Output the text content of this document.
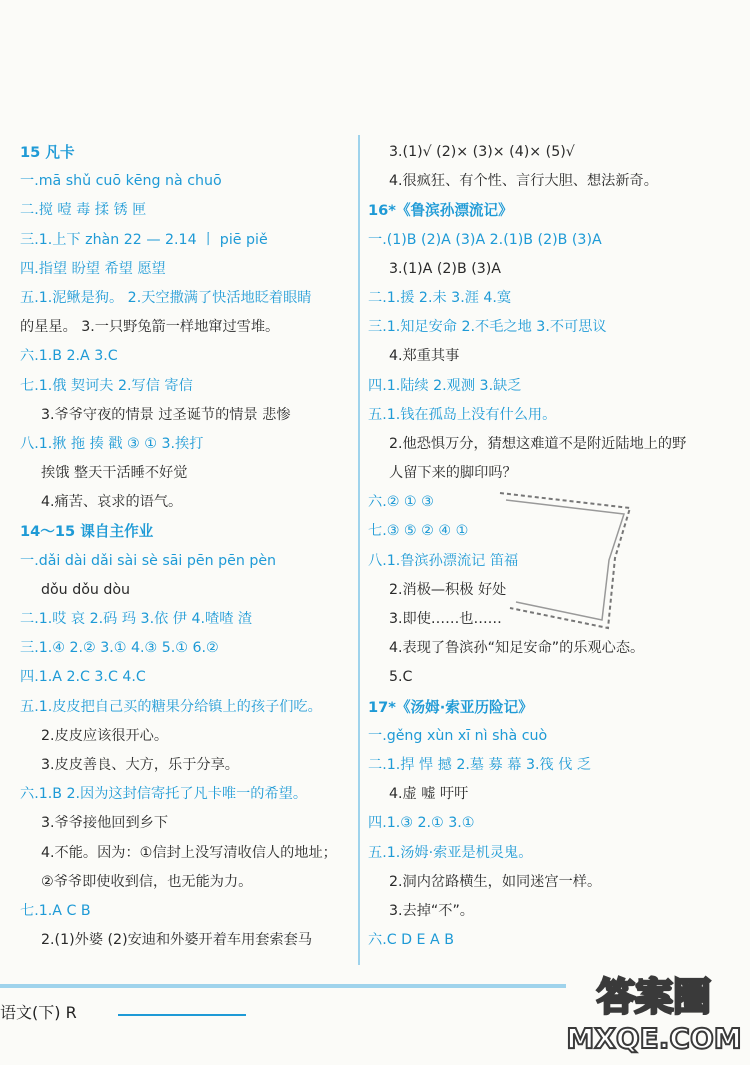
15 凡卡
一.mā shǔ cuō kēng nà chuō
二.搅 噎 毒 揉 锈 匣
三.1.上下 zhàn 22 — 2.14 丨 piē piě
四.指望 盼望 希望 愿望
五.1.泥鳅是狗。 2.天空撒满了快活地眨着眼睛
的星星。 3.一只野兔箭一样地窜过雪堆。
六.1.B 2.A 3.C
七.1.俄 契诃夫 2.写信 寄信
3.爷爷守夜的情景 过圣诞节的情景 悲惨
八.1.揪 拖 揍 戳 ③ ① 3.挨打
挨饿 整天干活睡不好觉
4.痛苦、哀求的语气。
14～15 课自主作业
一.dǎi dài dǎi sài sè sāi pēn pēn pèn
dǒu dǒu dòu
二.1.哎 哀 2.码 玛 3.依 伊 4.喳喳 渣
三.1.④ 2.② 3.① 4.③ 5.① 6.②
四.1.A 2.C 3.C 4.C
五.1.皮皮把自己买的糖果分给镇上的孩子们吃。
2.皮皮应该很开心。
3.皮皮善良、大方，乐于分享。
六.1.B 2.因为这封信寄托了凡卡唯一的希望。
3.爷爷接他回到乡下
4.不能。因为：①信封上没写清收信人的地址；
②爷爷即使收到信，也无能为力。
七.1.A C B
2.(1)外婆 (2)安迪和外婆开着车用套索套马
3.(1)√ (2)× (3)× (4)× (5)√
4.很疯狂、有个性、言行大胆、想法新奇。
16*《鲁滨孙漂流记》
一.(1)B (2)A (3)A 2.(1)B (2)B (3)A
3.(1)A (2)B (3)A
二.1.援 2.未 3.涯 4.寞
三.1.知足安命 2.不毛之地 3.不可思议
4.郑重其事
四.1.陆续 2.观测 3.缺乏
五.1.钱在孤岛上没有什么用。
2.他恐惧万分，猜想这难道不是附近陆地上的野
人留下来的脚印吗？
六.② ① ③
七.③ ⑤ ② ④ ①
八.1.鲁滨孙漂流记 笛福
2.消极—积极 好处
3.即使……也……
4.表现了鲁滨孙“知足安命”的乐观心态。
5.C
17*《汤姆·索亚历险记》
一.gěng xùn xī nì shà cuò
二.1.捍 悍 撼 2.墓 募 幕 3.筏 伐 乏
4.虚 嘘 吁吁
四.1.③ 2.① 3.①
五.1.汤姆·索亚是机灵鬼。
2.洞内岔路横生，如同迷宫一样。
3.去掉“不”。
六.C D E A B
语文(下) R	答案圈
MXQE.COM
